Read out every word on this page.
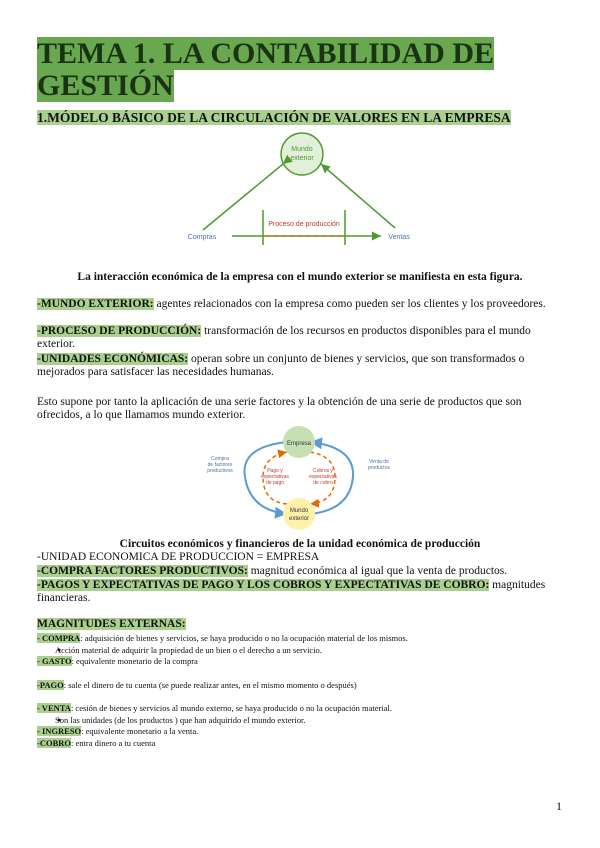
TEMA 1. LA CONTABILIDAD DE GESTIÓN
1.MÓDELO BÁSICO DE LA CIRCULACIÓN DE VALORES EN LA EMPRESA
Mundo
exterior
Proceso de producción
Compras	Ventas
La interacción económica de la empresa con el mundo exterior se manifiesta en esta figura.
-MUNDO EXTERIOR: agentes relacionados con la empresa como pueden ser los clientes y los proveedores.
-PROCESO DE PRODUCCIÓN: transformación de los recursos en productos disponibles para el mundo exterior.
-UNIDADES ECONÓMICAS: operan sobre un conjunto de bienes y servicios, que son transformados o mejorados para satisfacer las necesidades humanas.
Esto supone por tanto la aplicación de una serie factores y la obtención de una serie de productos que son ofrecidos, a lo que llamamos mundo exterior.
Empresa
Mundo
exterior
Compra
de factores
productivos
Venta de
productos
Pago y
expectativas
de pago
Cobros y
expectativas
de cobro
Circuitos económicos y financieros de la unidad económica de producción
-UNIDAD ECONOMICA DE PRODUCCION = EMPRESA
-COMPRA FACTORES PRODUCTIVOS: magnitud económica al igual que la venta de productos.
-PAGOS Y EXPECTATIVAS DE PAGO Y LOS COBROS Y EXPECTATIVAS DE COBRO: magnitudes financieras.
MAGNITUDES EXTERNAS:
- COMPRA: adquisición de bienes y servicios, se haya producido o no la ocupación material de los mismos.
● Acción material de adquirir la propiedad de un bien o el derecho a un servicio.
- GASTO: equivalente monetario de la compra
-PAGO: sale el dinero de tu cuenta (se puede realizar antes, en el mismo momento o después)
- VENTA: cesión de bienes y servicios al mundo externo, se haya producido o no la ocupación material.
● Son las unidades (de los productos ) que han adquirido el mundo exterior.
- INGRESO: equivalente monetario a la venta.
-COBRO: entra dinero a tu cuenta
1
